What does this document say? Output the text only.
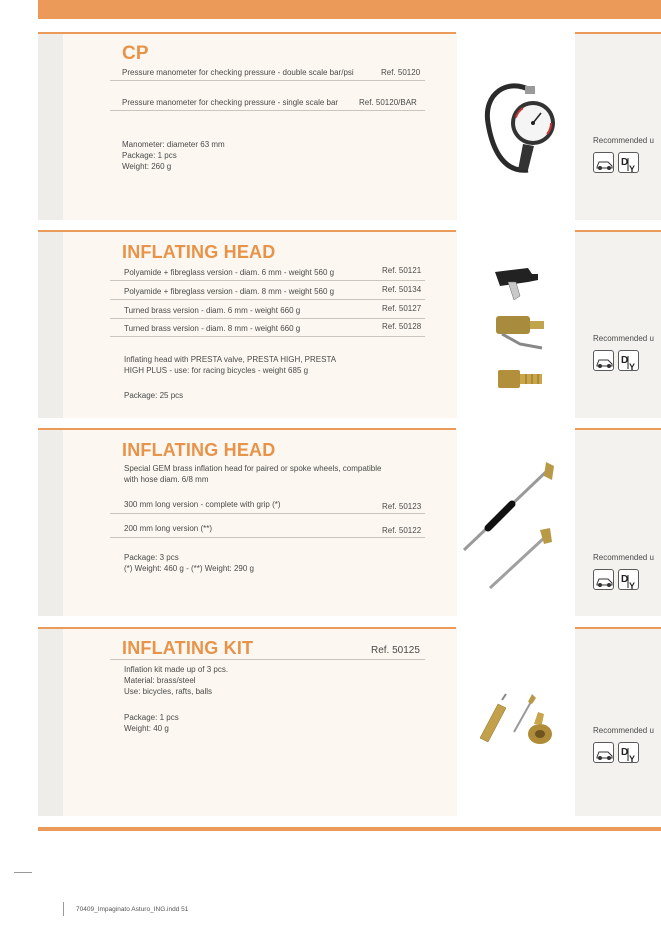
CP
Pressure manometer for checking pressure - double scale bar/psi	Ref. 50120
Pressure manometer for checking pressure - single scale bar	Ref. 50120/BAR
Manometer: diameter 63 mm
Package: 1 pcs
Weight: 260 g
Recommended u
D
Y
INFLATING HEAD
Polyamide + fibreglass version - diam. 6 mm - weight 560 g	Ref. 50121
Polyamide + fibreglass version - diam. 8 mm - weight 560 g	Ref. 50134
Turned brass version - diam. 6 mm - weight 660 g	Ref. 50127
Turned brass version - diam. 8 mm - weight 660 g	Ref. 50128
Inflating head with PRESTA valve, PRESTA HIGH, PRESTA
HIGH PLUS - use: for racing bicycles - weight 685 g
Package: 25 pcs
Recommended u
D
Y
INFLATING HEAD
Special GEM brass inflation head for paired or spoke wheels, compatible
with hose diam. 6/8 mm
300 mm long version - complete with grip (*)	Ref. 50123
200 mm long version (**)	Ref. 50122
Package: 3 pcs
(*) Weight: 460 g - (**) Weight: 290 g
Recommended u
D
Y
INFLATING KIT	Ref. 50125
Inflation kit made up of 3 pcs.
Material: brass/steel
Use: bicycles, rafts, balls
Package: 1 pcs
Weight: 40 g	Recommended u
D
Y
70409_Impaginato Asturo_ING.indd 51
